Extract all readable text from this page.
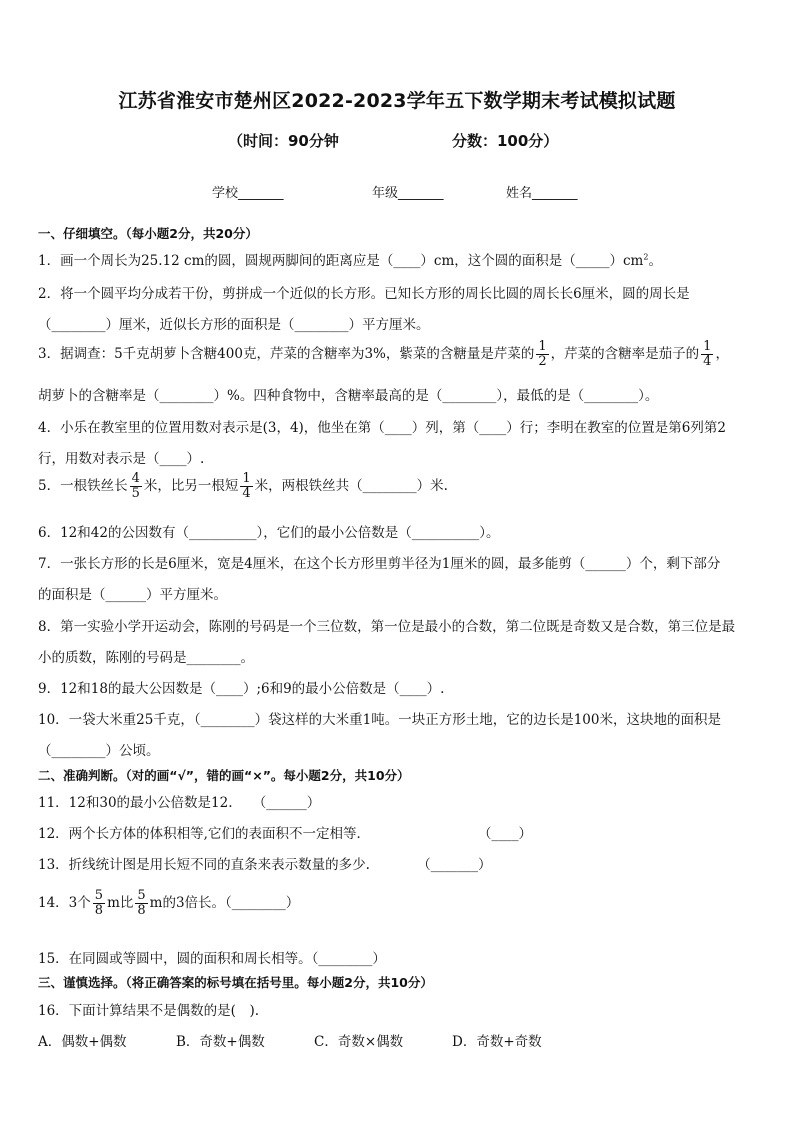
江苏省淮安市楚州区2022-2023学年五下数学期末考试模拟试题
（时间：90分钟	分数：100分）
学校_______	年级_______	姓名_______
一、仔细填空。（每小题2分，共20分）
1．画一个周长为25.12 cm的圆，圆规两脚间的距离应是（____）cm，这个圆的面积是$(\_\_\_\_\_)cm^2$。
2．将一个圆平均分成若干份，剪拼成一个近似的长方形。已知长方形的周长比圆的周长长6厘米，圆的周长是
（________）厘米，近似长方形的面积是（________）平方厘米。
3．据调查：5千克胡萝卜含糖400克，芹菜的含糖率为3%，紫菜的含糖量是芹菜的 $\frac{1}{2}$ ，芹菜的含糖率是茄子的 $\frac{1}{4}$ ，
胡萝卜的含糖率是（________）%。四种食物中，含糖率最高的是（________），最低的是（________）。
4．小乐在教室里的位置用数对表示是(3，4)，他坐在第（____）列，第（____）行；李明在教室的位置是第6列第2
行，用数对表示是（____）.
5．一根铁丝长 $\frac{4}{5}$ 米，比另一根短 $\frac{1}{4}$ 米，两根铁丝共（________）米.
6．12和42的公因数有（__________），它们的最小公倍数是（__________）。
7．一张长方形的长是6厘米，宽是4厘米，在这个长方形里剪半径为1厘米的圆，最多能剪（______）个，剩下部分
的面积是（______）平方厘米。
8．第一实验小学开运动会，陈刚的号码是一个三位数，第一位是最小的合数，第二位既是奇数又是合数，第三位是最
小的质数，陈刚的号码是________。
9．12和18的最大公因数是（____）;6和9的最小公倍数是（____）.
10．一袋大米重25千克，（________）袋这样的大米重1吨。一块正方形土地，它的边长是100米，这块地的面积是
（________）公顷。
二、准确判断。（对的画“√”，错的画“×”。每小题2分，共10分）
11．12和30的最小公倍数是12.　　（______）
12．两个长方体的体积相等,它们的表面积不一定相等．　　　　　　　　　（____）
13．折线统计图是用长短不同的直条来表示数量的多少.　　　　（_______）
14．3个 $\frac{5}{8}$ m比 $\frac{5}{8}$ m的3倍长。（________）
15．在同圆或等圆中，圆的面积和周长相等。（________）
三、谨慎选择。（将正确答案的标号填在括号里。每小题2分，共10分）
16．下面计算结果不是偶数的是(　).
A．偶数+偶数	B．奇数+偶数	C．奇数×偶数	D．奇数+奇数
